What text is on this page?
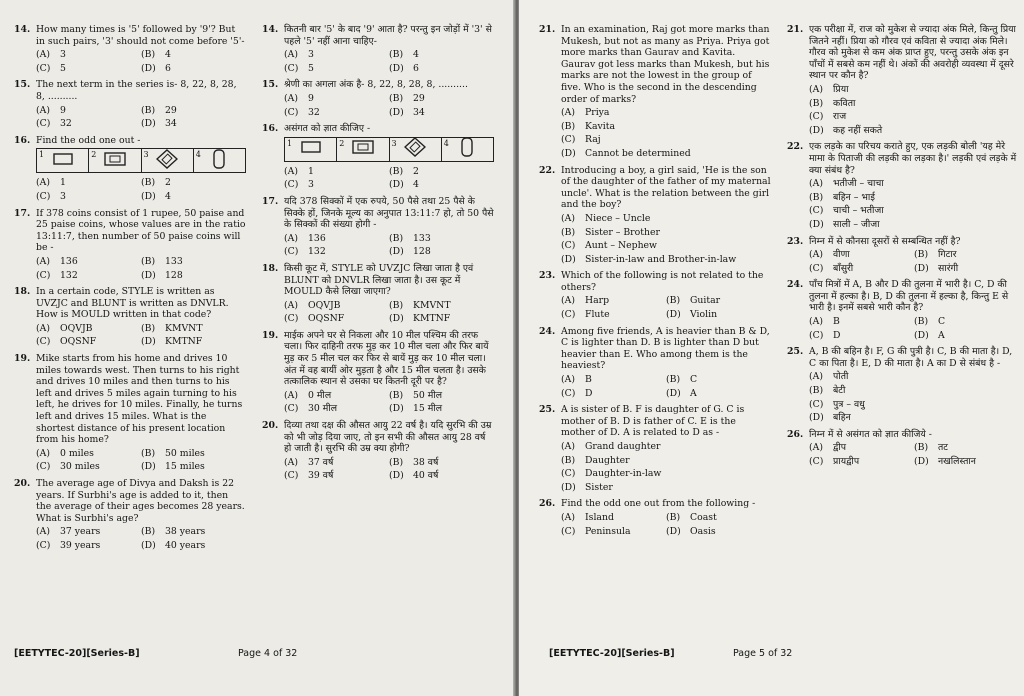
14. How many times is '5' followed by '9'? But in such pairs, '3' should not come before '5'-
(A) 3	(B) 4
(C) 5	(D) 6
15. The next term in the series is- 8, 22, 8, 28, 8, ..........
(A) 9	(B) 29
(C) 32	(D) 34
16. Find the odd one out -
1	2	3	4
(A) 1	(B) 2
(C) 3	(D) 4
17. If 378 coins consist of 1 rupee, 50 paise and 25 paise coins, whose values are in the ratio 13:11:7, then number of 50 paise coins will be -
(A) 136	(B) 133
(C) 132	(D) 128
18. In a certain code, STYLE is written as UVZJC and BLUNT is written as DNVLR. How is MOULD written in that code?
(A) OQVJB	(B) KMVNT
(C) OQSNF	(D) KMTNF
19. Mike starts from his home and drives 10 miles towards west. Then turns to his right and drives 10 miles and then turns to his left and drives 5 miles again turning to his left, he drives for 10 miles. Finally, he turns left and drives 15 miles. What is the shortest distance of his present location from his home?
(A) 0 miles	(B) 50 miles
(C) 30 miles	(D) 15 miles
20. The average age of Divya and Daksh is 22 years. If Surbhi's age is added to it, then the average of their ages becomes 28 years. What is Surbhi's age?
(A) 37 years	(B) 38 years
(C) 39 years	(D) 40 years
14. कितनी बार '5' के बाद '9' आता है? परन्तु इन जोड़ों में '3' से पहले '5' नहीं आना चाहिए-
(A) 3	(B) 4
(C) 5	(D) 6
15. श्रेणी का अगला अंक है- 8, 22, 8, 28, 8, ..........
(A) 9	(B) 29
(C) 32	(D) 34
16. असंगत को ज्ञात कीजिए -
1	2	3	4
(A) 1	(B) 2
(C) 3	(D) 4
17. यदि 378 सिक्कों में एक रुपये, 50 पैसे तथा 25 पैसे के सिक्के हों, जिनके मूल्य का अनुपात 13:11:7 हो, तो 50 पैसे के सिक्कों की संख्या होगी -
(A) 136	(B) 133
(C) 132	(D) 128
18. किसी कूट में, STYLE को UVZJC लिखा जाता है एवं BLUNT को DNVLR लिखा जाता है। उस कूट में MOULD कैसे लिखा जाएगा?
(A) OQVJB	(B) KMVNT
(C) OQSNF	(D) KMTNF
19. माईक अपने घर से निकला और 10 मील पश्चिम की तरफ चला। फिर दाहिनी तरफ मुड़ कर 10 मील चला और फिर बायें मुड़ कर 5 मील चल कर फिर से बायें मुड़ कर 10 मील चला। अंत में वह बायीं ओर मुड़ता है और 15 मील चलता है। उसके तत्कालिक स्थान से उसका घर कितनी दूरी पर है?
(A) 0 मील	(B) 50 मील
(C) 30 मील	(D) 15 मील
20. दिव्या तथा दक्ष की औसत आयु 22 वर्ष है। यदि सुरभि की उम्र को भी जोड़ दिया जाए, तो इन सभी की औसत आयु 28 वर्ष हो जाती है। सुरभि की उम्र क्या होगी?
(A) 37 वर्ष	(B) 38 वर्ष
(C) 39 वर्ष	(D) 40 वर्ष
[EETYTEC-20][Series-B]	Page 4 of 32
21. In an examination, Raj got more marks than Mukesh, but not as many as Priya. Priya got more marks than Gaurav and Kavita. Gaurav got less marks than Mukesh, but his marks are not the lowest in the group of five. Who is the second in the descending order of marks?
(A) Priya
(B) Kavita
(C) Raj
(D) Cannot be determined
22. Introducing a boy, a girl said, 'He is the son of the daughter of the father of my maternal uncle'. What is the relation between the girl and the boy?
(A) Niece – Uncle
(B) Sister – Brother
(C) Aunt – Nephew
(D) Sister-in-law and Brother-in-law
23. Which of the following is not related to the others?
(A) Harp	(B) Guitar
(C) Flute	(D) Violin
24. Among five friends, A is heavier than B & D, C is lighter than D. B is lighter than D but heavier than E. Who among them is the heaviest?
(A) B	(B) C
(C) D	(D) A
25. A is sister of B. F is daughter of G. C is mother of B. D is father of C. E is the mother of D. A is related to D as -
(A) Grand daughter
(B) Daughter
(C) Daughter-in-law
(D) Sister
26. Find the odd one out from the following -
(A) Island	(B) Coast
(C) Peninsula	(D) Oasis
21. एक परीक्षा में, राज को मुकेश से ज्यादा अंक मिले, किन्तु प्रिया जितने नहीं। प्रिया को गौरव एवं कविता से ज्यादा अंक मिले। गौरव को मुकेश से कम अंक प्राप्त हुए, परन्तु उसके अंक इन पाँचों में सबसे कम नहीं थे। अंकों की अवरोही व्यवस्था में दूसरे स्थान पर कौन है?
(A) प्रिया
(B) कविता
(C) राज
(D) कह नहीं सकते
22. एक लड़के का परिचय कराते हुए, एक लड़की बोली 'यह मेरे मामा के पिताजी की लड़की का लड़का है।' लड़की एवं लड़के में क्या संबंध है?
(A) भतीजी – चाचा
(B) बहिन – भाई
(C) चाची – भतीजा
(D) साली – जीजा
23. निम्न में से कौनसा दूसरों से सम्बन्धित नहीं है?
(A) वीणा	(B) गिटार
(C) बाँसुरी	(D) सारंगी
24. पाँच मित्रों में A, B और D की तुलना में भारी है। C, D की तुलना में हल्का है। B, D की तुलना में हल्का है, किन्तु E से भारी है। इनमें सबसे भारी कौन है?
(A) B	(B) C
(C) D	(D) A
25. A, B की बहिन है। F, G की पुत्री है। C, B की माता है। D, C का पिता है। E, D की माता है। A का D से संबंध है -
(A) पोती
(B) बेटी
(C) पुत्र – वधु
(D) बहिन
26. निम्न में से असंगत को ज्ञात कीजिये -
(A) द्वीप	(B) तट
(C) प्रायद्वीप	(D) नखलिस्तान
[EETYTEC-20][Series-B]	Page 5 of 32
